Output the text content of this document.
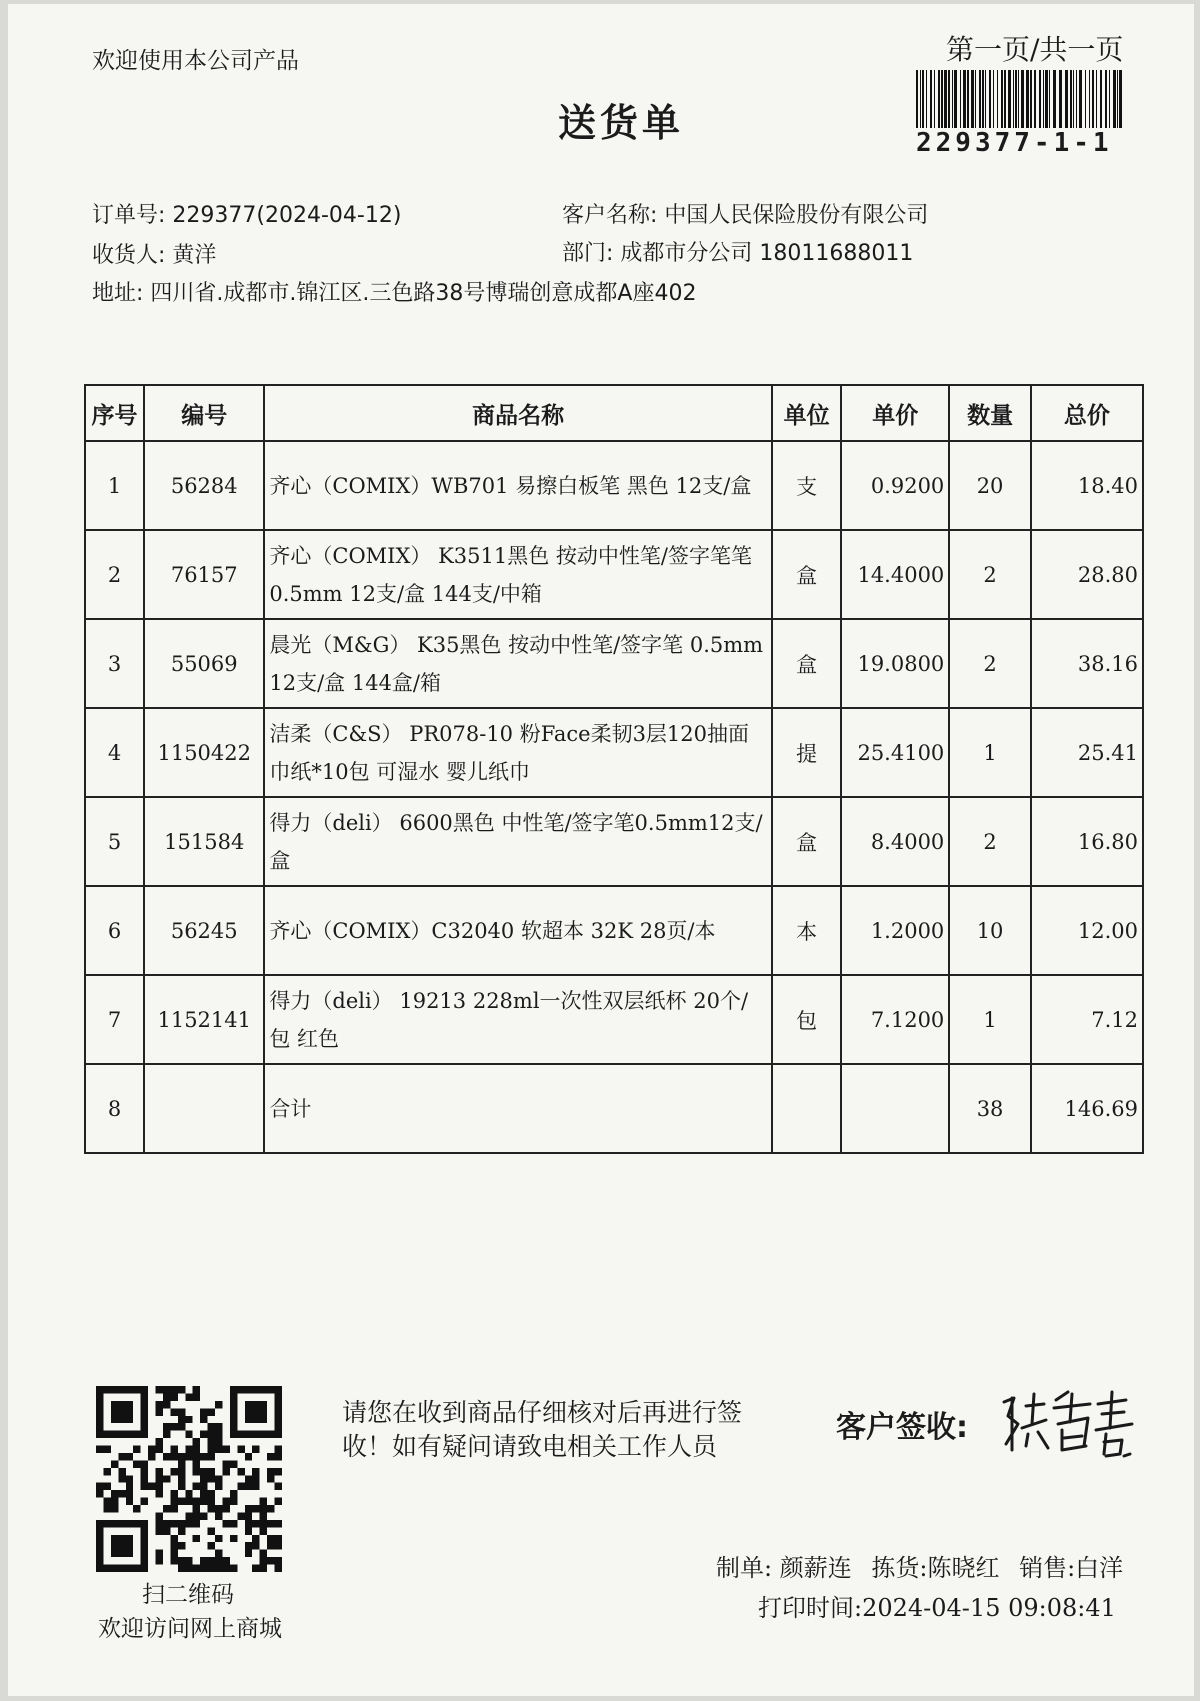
欢迎使用本公司产品
送货单
第一页/共一页
229377-1-1
订单号: 229377(2024-04-12)	客户名称: 中国人民保险股份有限公司
收货人: 黄洋	部门: 成都市分公司 18011688011
地址: 四川省.成都市.锦江区.三色路38号博瑞创意成都A座402
序号	编号	商品名称	单位	单价	数量	总价
1	56284	齐心（COMIX）WB701 易擦白板笔 黑色 12支/盒	支	0.9200	20	18.40
2	76157	齐心（COMIX） K3511黑色 按动中性笔/签字笔笔0.5mm 12支/盒 144支/中箱	盒	14.4000	2	28.80
3	55069	晨光（M&G） K35黑色 按动中性笔/签字笔 0.5mm 12支/盒 144盒/箱	盒	19.0800	2	38.16
4	1150422	洁柔（C&S） PR078-10 粉Face柔韧3层120抽面巾纸*10包 可湿水 婴儿纸巾	提	25.4100	1	25.41
5	151584	得力（deli） 6600黑色 中性笔/签字笔0.5mm12支/盒	盒	8.4000	2	16.80
6	56245	齐心（COMIX）C32040 软超本 32K 28页/本	本	1.2000	10	12.00
7	1152141	得力（deli） 19213 228ml一次性双层纸杯 20个/包 红色	包	7.1200	1	7.12
8		合计			38	146.69
扫二维码
欢迎访问网上商城
请您在收到商品仔细核对后再进行签收！如有疑问请致电相关工作人员
客户签收:
制单: 颜薪连 拣货:陈晓红 销售:白洋
打印时间:2024-04-15 09:08:41
